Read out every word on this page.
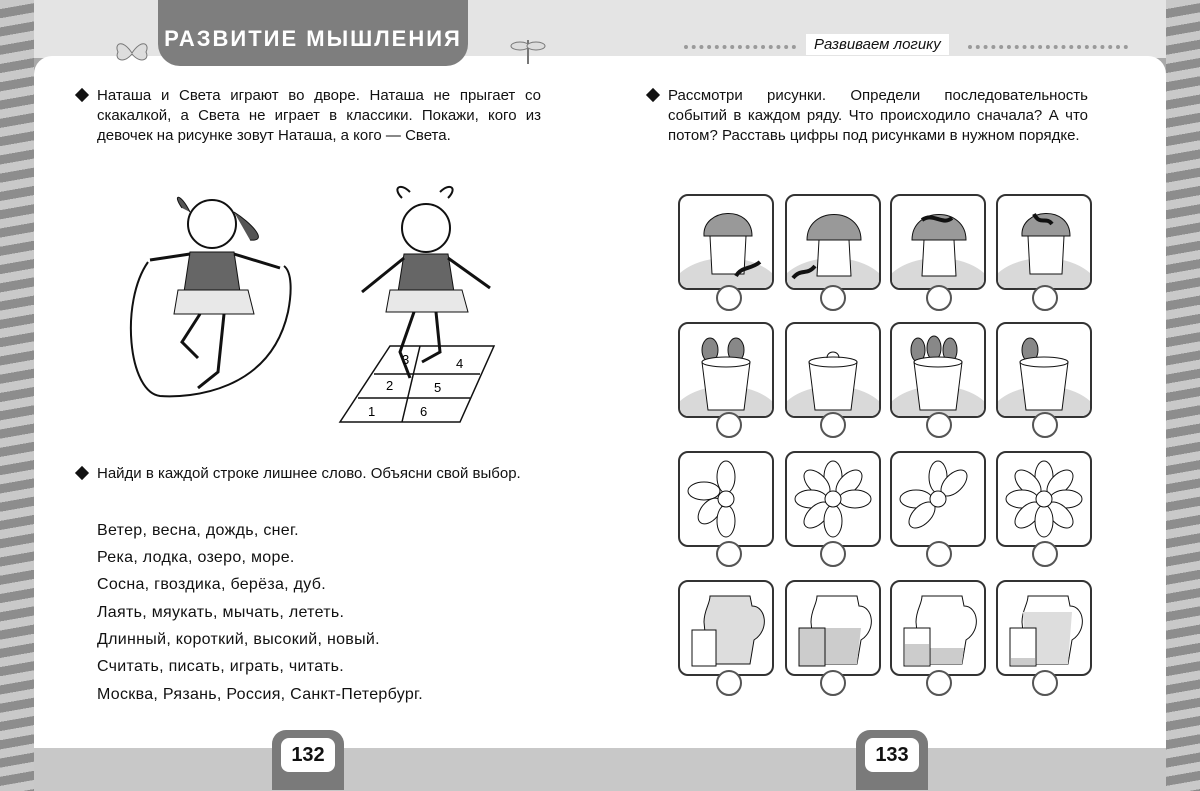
РАЗВИТИЕ МЫШЛЕНИЯ	Развиваем логику
Наташа и Света играют во дворе. Наташа не прыгает со скакалкой, а Света не играет в классики. Покажи, кого из девочек на рисунке зовут Наташа, а кого — Света.
3	4
2	5
1	6
Найди в каждой строке лишнее слово. Объясни свой выбор.
Ветер, весна, дождь, снег.
Река, лодка, озеро, море.
Сосна, гвоздика, берёза, дуб.
Лаять, мяукать, мычать, лететь.
Длинный, короткий, высокий, новый.
Считать, писать, играть, читать.
Москва, Рязань, Россия, Санкт-Петербург.
132
Рассмотри рисунки. Определи последовательность событий в каждом ряду. Что происходило сначала? А что потом? Расставь цифры под рисунками в нужном порядке.
133
